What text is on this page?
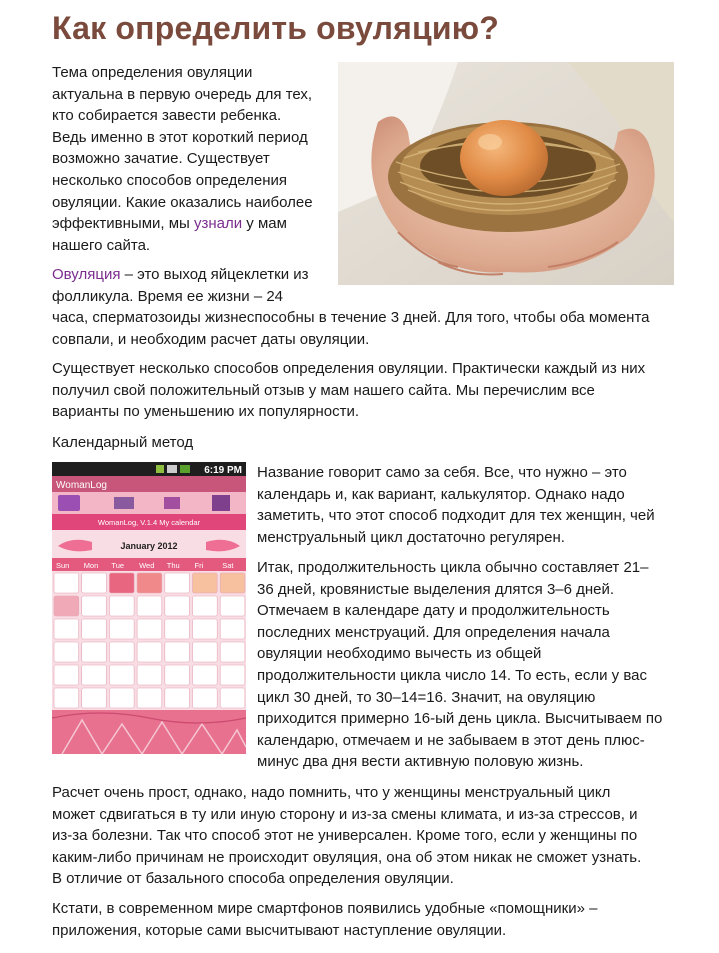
Как определить овуляцию?

Тема определения овуляции

актуальна в первую очередь для тех,

кто собирается завести ребенка.

Ведь именно в этот короткий период

возможно зачатие. Существует

несколько способов определения

овуляции. Какие оказались наиболее

эффективными, мы узнали у мам

нашего сайта.

Овуляция – это выход яйцеклетки из

фолликула. Время ее жизни – 24

часа, сперматозоиды жизнеспособны в течение 3 дней. Для того, чтобы оба момента

совпали, и необходим расчет даты овуляции.

Существует несколько способов определения овуляции. Практически каждый из них

получил свой положительный отзыв у мам нашего сайта. Мы перечислим все

варианты по уменьшению их популярности.

Календарный метод

6:19 PM
WomanLog
WomanLog, V.1.4 My calendar
January 2012
Sun Mon Tue Wed Thu Fri	Sat

Название говорит само за себя. Все, что нужно – это

календарь и, как вариант, калькулятор. Однако надо

заметить, что этот способ подходит для тех женщин, чей

менструальный цикл достаточно регулярен.

Итак, продолжительность цикла обычно составляет 21–

36 дней, кровянистые выделения длятся 3–6 дней.

Отмечаем в календаре дату и продолжительность

последних менструаций. Для определения начала

овуляции необходимо вычесть из общей

продолжительности цикла число 14. То есть, если у вас

цикл 30 дней, то 30–14=16. Значит, на овуляцию

приходится примерно 16-ый день цикла. Высчитываем по

календарю, отмечаем и не забываем в этот день плюс-

минус два дня вести активную половую жизнь.

Расчет очень прост, однако, надо помнить, что у женщины менструальный цикл

может сдвигаться в ту или иную сторону и из-за смены климата, и из-за стрессов, и

из-за болезни. Так что способ этот не универсален. Кроме того, если у женщины по

каким-либо причинам не происходит овуляция, она об этом никак не сможет узнать.

В отличие от базального способа определения овуляции.

Кстати, в современном мире смартфонов появились удобные «помощники» –

приложения, которые сами высчитывают наступление овуляции.
